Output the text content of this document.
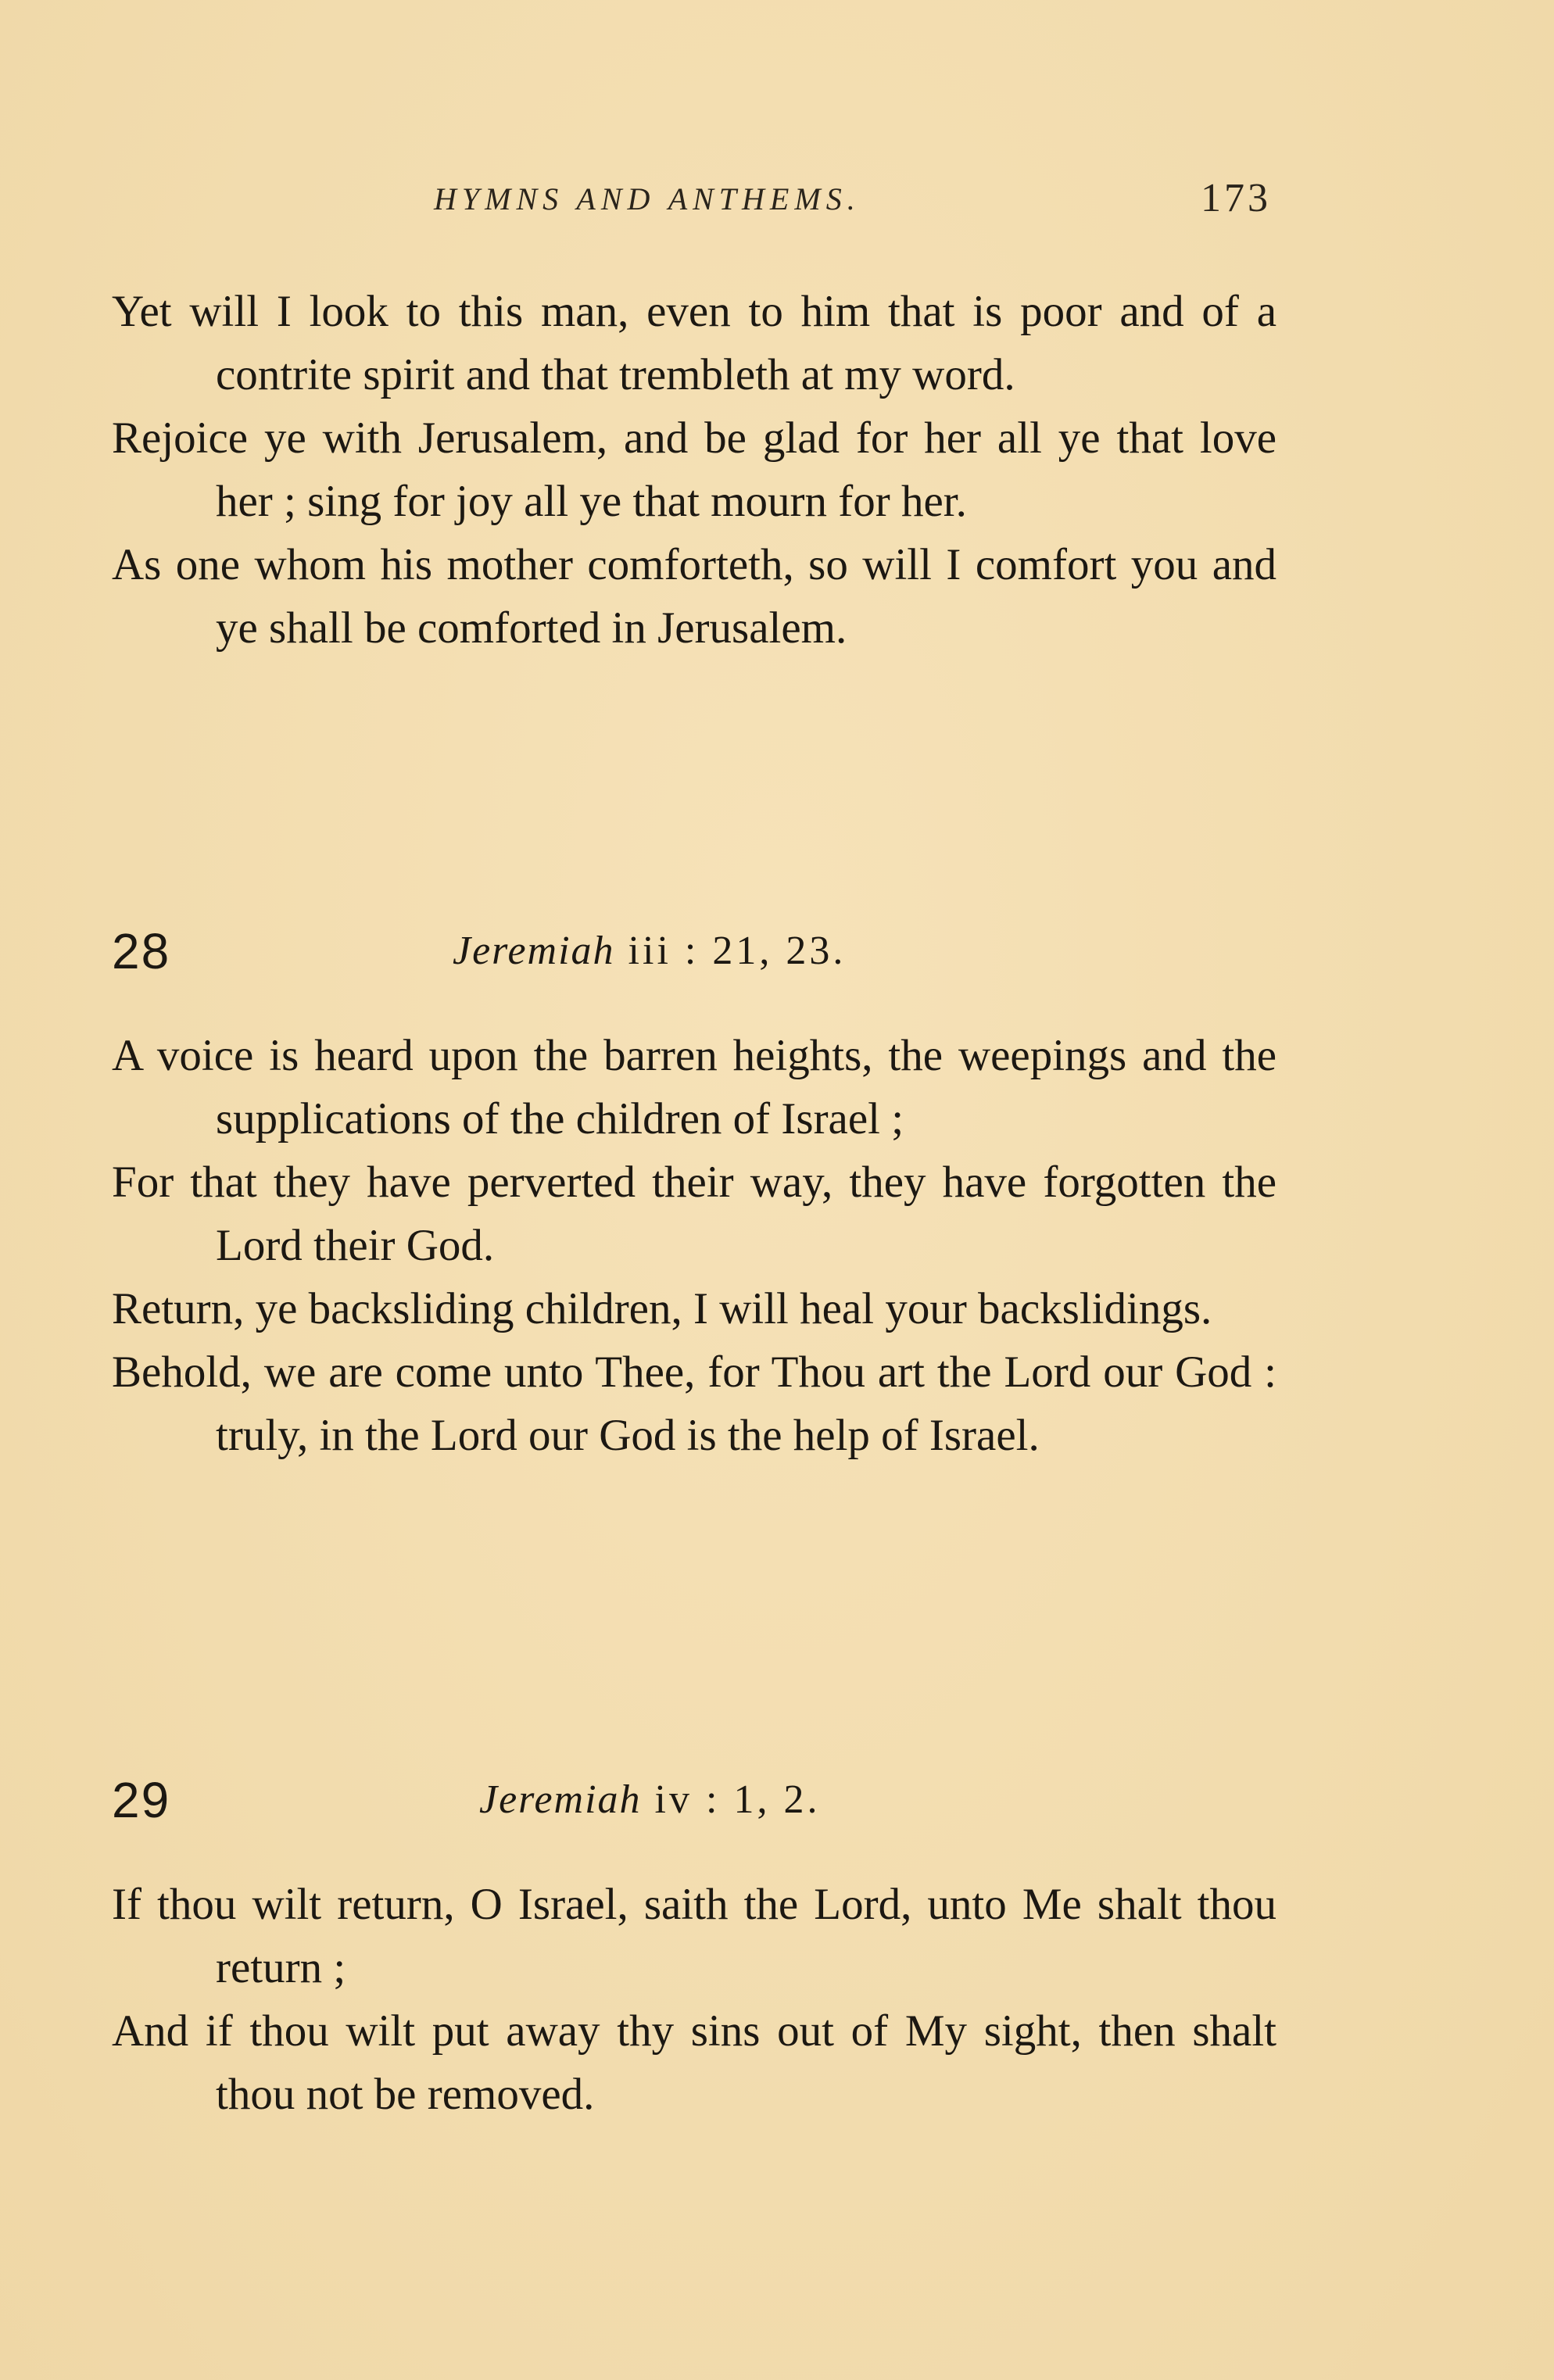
HYMNS AND ANTHEMS.	173

Yet will I look to this man, even to him that is poor and of a contrite spirit and that trembleth at my word.

Rejoice ye with Jerusalem, and be glad for her all ye that love her ; sing for joy all ye that mourn for her.

As one whom his mother comforteth, so will I comfort you and ye shall be comforted in Jerusalem.

28	Jeremiah iii : 21, 23.

A voice is heard upon the barren heights, the weepings and the supplications of the children of Israel ;

For that they have perverted their way, they have forgotten the Lord their God.

Return, ye backsliding children, I will heal your backslidings.

Behold, we are come unto Thee, for Thou art the Lord our God : truly, in the Lord our God is the help of Israel.

29	Jeremiah iv : 1, 2.

If thou wilt return, O Israel, saith the Lord, unto Me shalt thou return ;

And if thou wilt put away thy sins out of My sight, then shalt thou not be removed.
